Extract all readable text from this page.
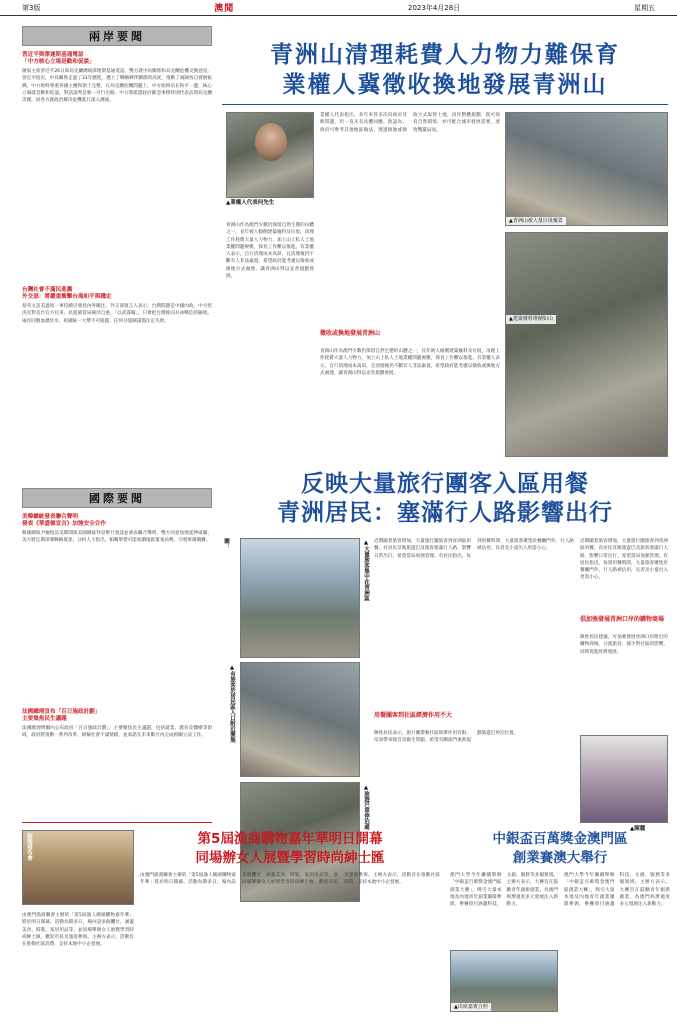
第3版	澳聞	2023年4月28日	星期五
兩岸要聞
習近平與澤連斯基通電話
「中方核心立場是勸和促談」
國家主席習近平26日與烏克蘭總統澤連斯基通電話。雙方就中烏關係和烏克蘭危機交換意見。習近平指出，中烏關係走過了31年歷程，邁上了戰略夥伴關係的高度，推動了兩國各自發展振興。中方始終尊重各國主權和領土完整，在烏克蘭危機問題上，中方始終站在和平一邊，核心立場就是勸和促談。對話談判是唯一可行出路。中方將派遣政府歐亞事務特別代表訪問烏克蘭等國，同各方就政治解決危機進行深入溝通。
台灣社會不滿民進黨
外交部：將嚴重衝擊台海和平與穩定
蔡英文訪美過境一事持續引發島內外關注。外交部發言人表示，台灣問題是中國內政，中方堅決反對美台官方往來。民進黨當局挾洋自重，「以武謀獨」，只會把台灣推向兵凶戰危的險境。兩岸同胞血濃於水，祖國統一大勢不可阻擋，任何分裂圖謀都注定失敗。
國際要聞
美韓總統發表聯合聲明
發表《華盛頓宣言》加強安全合作
韓國總統尹錫悅訪美期間與美國總統拜登舉行會談並發表聯合聲明。雙方同意加強延伸威懾，美方將定期部署戰略資產。分析人士指出，相關舉措可能加劇地區緊張局勢，引發軍備競賽。
法國總理宣布「百日施政計劃」
主要集焦民生議題
法國總理博爾內公布政府「百日施政計劃」，主要聚焦民生議題，包括就業、教育及醫療等領域，政府將推動一系列改革，緩解社會不滿情緒，並承諾在未來數月內完成相關立法工作。
青洲山清理耗費人力物力難保育
業權人冀徵收換地發展青洲山
▲業權人代表何先生
青洲山作為澳門少數仍保留自然生態的山體之一，長年被人傾倒建築廢料及垃圾，清理工作耗費大量人力物力，加上山上私人土地業權問題複雜，保育工作難以推進。有業權人表示，自行清理成本高昂，且清理後仍不斷有人非法棄置，希望政府能考慮以徵收或換地方式處理，讓青洲山得以妥善規劃發展。
業權人代表指出，多年來曾多次向政府反映問題，但一直未有具體回應。他認為，政府可參考其他地區做法，透過換地或徵收方式取得土地，再作整體規劃，既可保育自然環境，亦可配合城市發展需要，達致雙贏局面。
徵收或換地發展青洲山
青洲山作為澳門少數仍保留自然生態的山體之一，長年被人傾倒建築廢料及垃圾，清理工作耗費大量人力物力，加上山上私人土地業權問題複雜，保育工作難以推進。有業權人表示，自行清理成本高昂，且清理後仍不斷有人非法棄置，希望政府能考慮以徵收或換地方式處理，讓青洲山得以妥善規劃發展。
▲青洲山被大量垃圾覆蓋
▲建築廢料堆積如山
反映大量旅行團客入區用餐
青洲居民：塞滿行人路影響出行
圖：	▲大量旅客集中在青洲區
▲有旅客於居民區入口附近聚集
▲旅遊巴車停泊處
近期隨着旅客增加，大量旅行團旅客到青洲區用餐，有居民反映旅遊巴及旅客塞滿行人路，影響日常出行，希望當局加強管理。有居民指出，每到用餐時間，大量旅客聚集於餐廳門外，行人路被佔用，長者及小童出入更需小心。
用餐團客到社區經濟作用不大
陳姓居民表示，旅行團帶動社區經濟作用有限，反而帶來噪音及衞生問題，希望有關部門重新規劃旅遊巴停泊位置。
近期隨着旅客增加，大量旅行團旅客到青洲區用餐，有居民反映旅遊巴及旅客塞滿行人路，影響日常出行，希望當局加強管理。有居民指出，每到用餐時間，大量旅客聚集於餐廳門外，行人路被佔用，長者及小童出入更需小心。
倡加強發展青洲口岸的購物商場
陳姓居民建議，可加強發展青洲口岸附近的購物商場，分流旅客，減少對社區的影響，同時促進經濟發展。
▲陳麗
第5屆漁商購物嘉年華明日開幕
同場辦女人展暨學習時尚紳士匯
新聞發布會
由澳門漁商聯會主辦的「第5屆漁人碼頭購物嘉年華」將於明日開幕，活動為期多日，場內設多個攤位，涵蓋美食、時裝、家居用品等，並同場舉辦女人展暨學習時尚紳士匯，歡迎市民及旅客參與。主辦方表示，活動旨在推動社區消費，支持本地中小企發展。
由澳門漁商聯會主辦的「第5屆漁人碼頭購物嘉年華」將於明日開幕，活動為期多日，場內設多個攤位，涵蓋美食、時裝、家居用品等，並同場舉辦女人展暨學習時尚紳士匯，歡迎市民及旅客參與。主辦方表示，活動旨在推動社區消費，支持本地中小企發展。
中銀盃百萬獎金澳門區
創業賽澳大舉行
澳門大學今年繼續舉辦「中銀盃百萬獎金澳門區創業大賽」，吸引大量本地及內地青年創業團隊參與，參賽項目涵蓋科技、文創、服務等多個領域。主辦方表示，大賽旨在鼓勵青年創新創業，為澳門經濟適度多元發展注入新動力。
▲出席嘉賓合照
澳門大學今年繼續舉辦「中銀盃百萬獎金澳門區創業大賽」，吸引大量本地及內地青年創業團隊參與，參賽項目涵蓋科技、文創、服務等多個領域。主辦方表示，大賽旨在鼓勵青年創新創業，為澳門經濟適度多元發展注入新動力。
